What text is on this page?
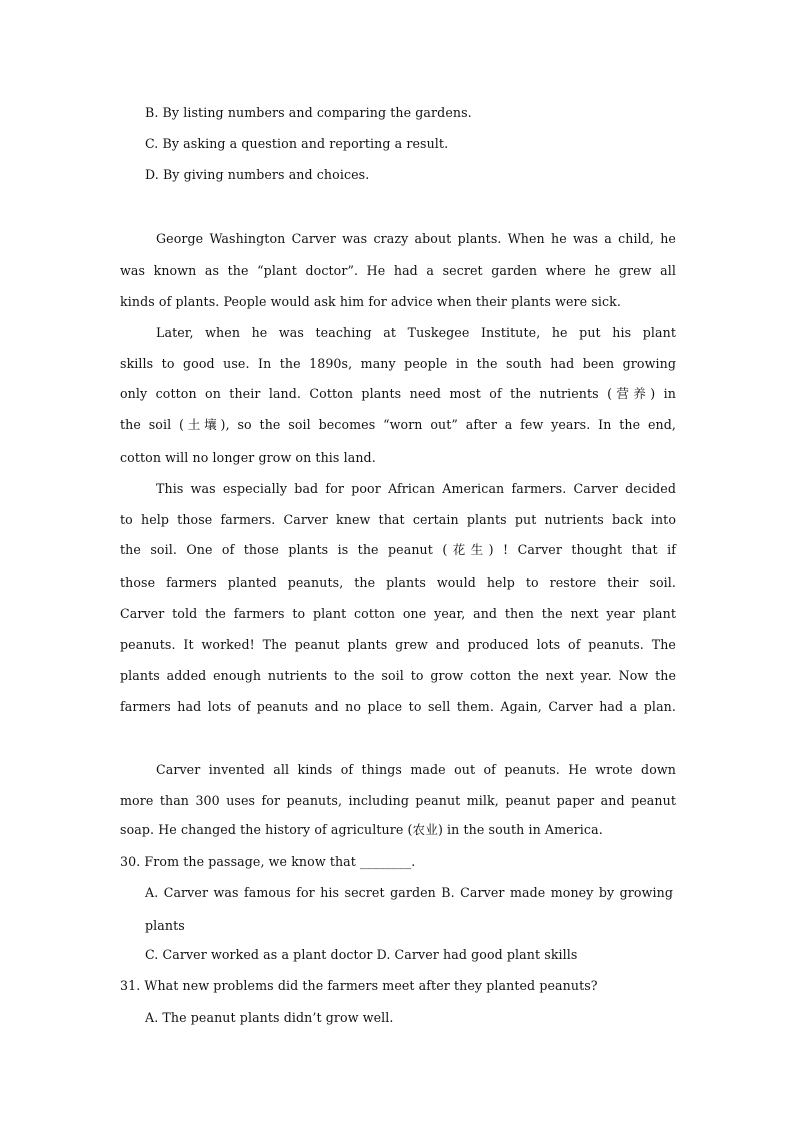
B. By listing numbers and comparing the gardens.
C. By asking a question and reporting a result.
D. By giving numbers and choices.
George Washington Carver was crazy about plants. When he was a child, he
was known as the “plant doctor”. He had a secret garden where he grew all
kinds of plants. People would ask him for advice when their plants were sick.
Later, when he was teaching at Tuskegee Institute, he put his plant
skills to good use. In the 1890s, many people in the south had been growing
only cotton on their land. Cotton plants need most of the nutrients (营养) in
the soil (土壤), so the soil becomes “worn out” after a few years. In the end,
cotton will no longer grow on this land.
This was especially bad for poor African American farmers. Carver decided
to help those farmers. Carver knew that certain plants put nutrients back into
the soil. One of those plants is the peanut (花生) ! Carver thought that if
those farmers planted peanuts, the plants would help to restore their soil.
Carver told the farmers to plant cotton one year, and then the next year plant
peanuts. It worked! The peanut plants grew and produced lots of peanuts. The
plants added enough nutrients to the soil to grow cotton the next year. Now the
farmers had lots of peanuts and no place to sell them. Again, Carver had a plan.
Carver invented all kinds of things made out of peanuts. He wrote down
more than 300 uses for peanuts, including peanut milk, peanut paper and peanut
soap. He changed the history of agriculture (农业) in the south in America.
30. From the passage, we know that ________.
A. Carver was famous for his secret garden B. Carver made money by growing
plants
C. Carver worked as a plant doctor D. Carver had good plant skills
31. What new problems did the farmers meet after they planted peanuts?
A. The peanut plants didn’t grow well.
